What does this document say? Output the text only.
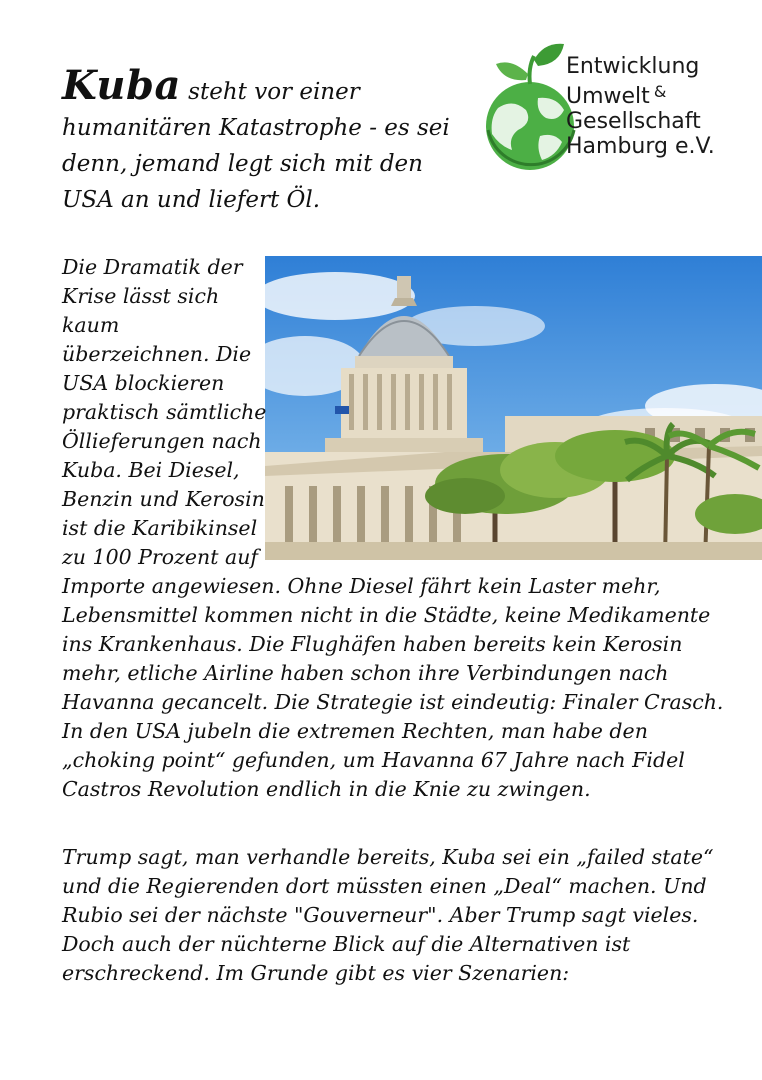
Kuba steht vor einer

humanitären Katastrophe - es sei
denn, jemand legt sich mit den
USA an und liefert Öl.
Entwicklung
Umwelt &
Gesellschaft
Hamburg e.V.
Die Dramatik der
Krise lässt sich
kaum
überzeichnen. Die
USA blockieren
praktisch sämtliche
Öllieferungen nach
Kuba. Bei Diesel,
Benzin und Kerosin
ist die Karibikinsel
zu 100 Prozent auf
Importe angewiesen. Ohne Diesel fährt kein Laster mehr,
Lebensmittel kommen nicht in die Städte, keine Medikamente
ins Krankenhaus. Die Flughäfen haben bereits kein Kerosin
mehr, etliche Airline haben schon ihre Verbindungen nach
Havanna gecancelt. Die Strategie ist eindeutig: Finaler Crasch.
In den USA jubeln die extremen Rechten, man habe den
„choking point“ gefunden, um Havanna 67 Jahre nach Fidel
Castros Revolution endlich in die Knie zu zwingen.
Trump sagt, man verhandle bereits, Kuba sei ein „failed state“
und die Regierenden dort müssten einen „Deal“ machen. Und
Rubio sei der nächste "Gouverneur". Aber Trump sagt vieles.
Doch auch der nüchterne Blick auf die Alternativen ist
erschreckend. Im Grunde gibt es vier Szenarien:
